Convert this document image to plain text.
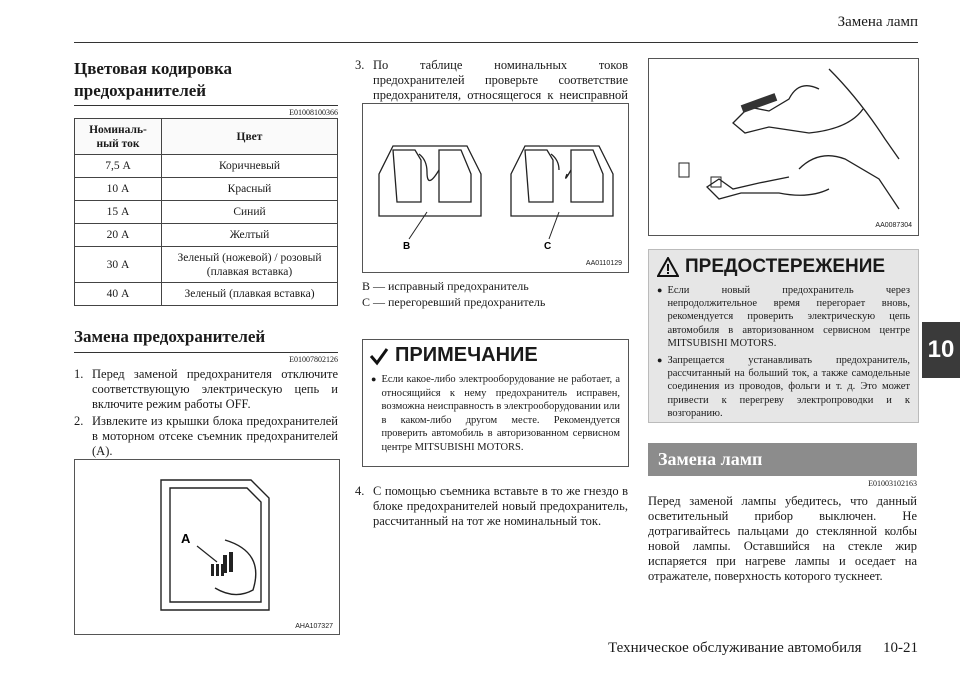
Замена ламп
10
Цветовая кодировка
предохранителей
E01008100366
Номиналь-
ный ток	Цвет
7,5 А	Коричневый
10 А	Красный
15 А	Синий
20 А	Желтый
30 А	Зеленый (ножевой) / розовый
(плавкая вставка)
40 А	Зеленый (плавкая вставка)
Замена предохранителей
E01007802126
1. Перед заменой предохранителя отключите соответствующую электрическую цепь и включите режим работы OFF.
2. Извлеките из крышки блока предохранителей в моторном отсеке съемник предохранителей (А).
A
AHA107327
3. По таблице номинальных токов предохранителей проверьте соответствие предохранителя, относящегося к неисправной
B	C
AA0110129
B — исправный предохранитель
C — перегоревший предохранитель
ПРИМЕЧАНИЕ
● Если какое-либо электрооборудование не работает, а относящийся к нему предохранитель исправен, возможна неисправность в электрооборудовании или в каком-либо другом месте. Рекомендуется проверить автомобиль в авторизованном сервисном центре MITSUBISHI MOTORS.
4. С помощью съемника вставьте в то же гнездо в блоке предохранителей новый предохранитель, рассчитанный на тот же номинальный ток.
AA0087304
ПРЕДОСТЕРЕЖЕНИЕ
● Если новый предохранитель через непродолжительное время перегорает вновь, рекомендуется проверить электрическую цепь автомобиля в авторизованном сервисном центре MITSUBISHI MOTORS.
● Запрещается устанавливать предохранитель, рассчитанный на больший ток, а также самодельные соединения из проводов, фольги и т. д. Это может привести к перегреву электропроводки и к возгоранию.
Замена ламп
E01003102163
Перед заменой лампы убедитесь, что данный осветительный прибор выключен. Не дотрагивайтесь пальцами до стеклянной колбы новой лампы. Оставшийся на стекле жир испаряется при нагреве лампы и оседает на отражателе, поверхность которого тускнеет.
Техническое обслуживание автомобиля 10-21
